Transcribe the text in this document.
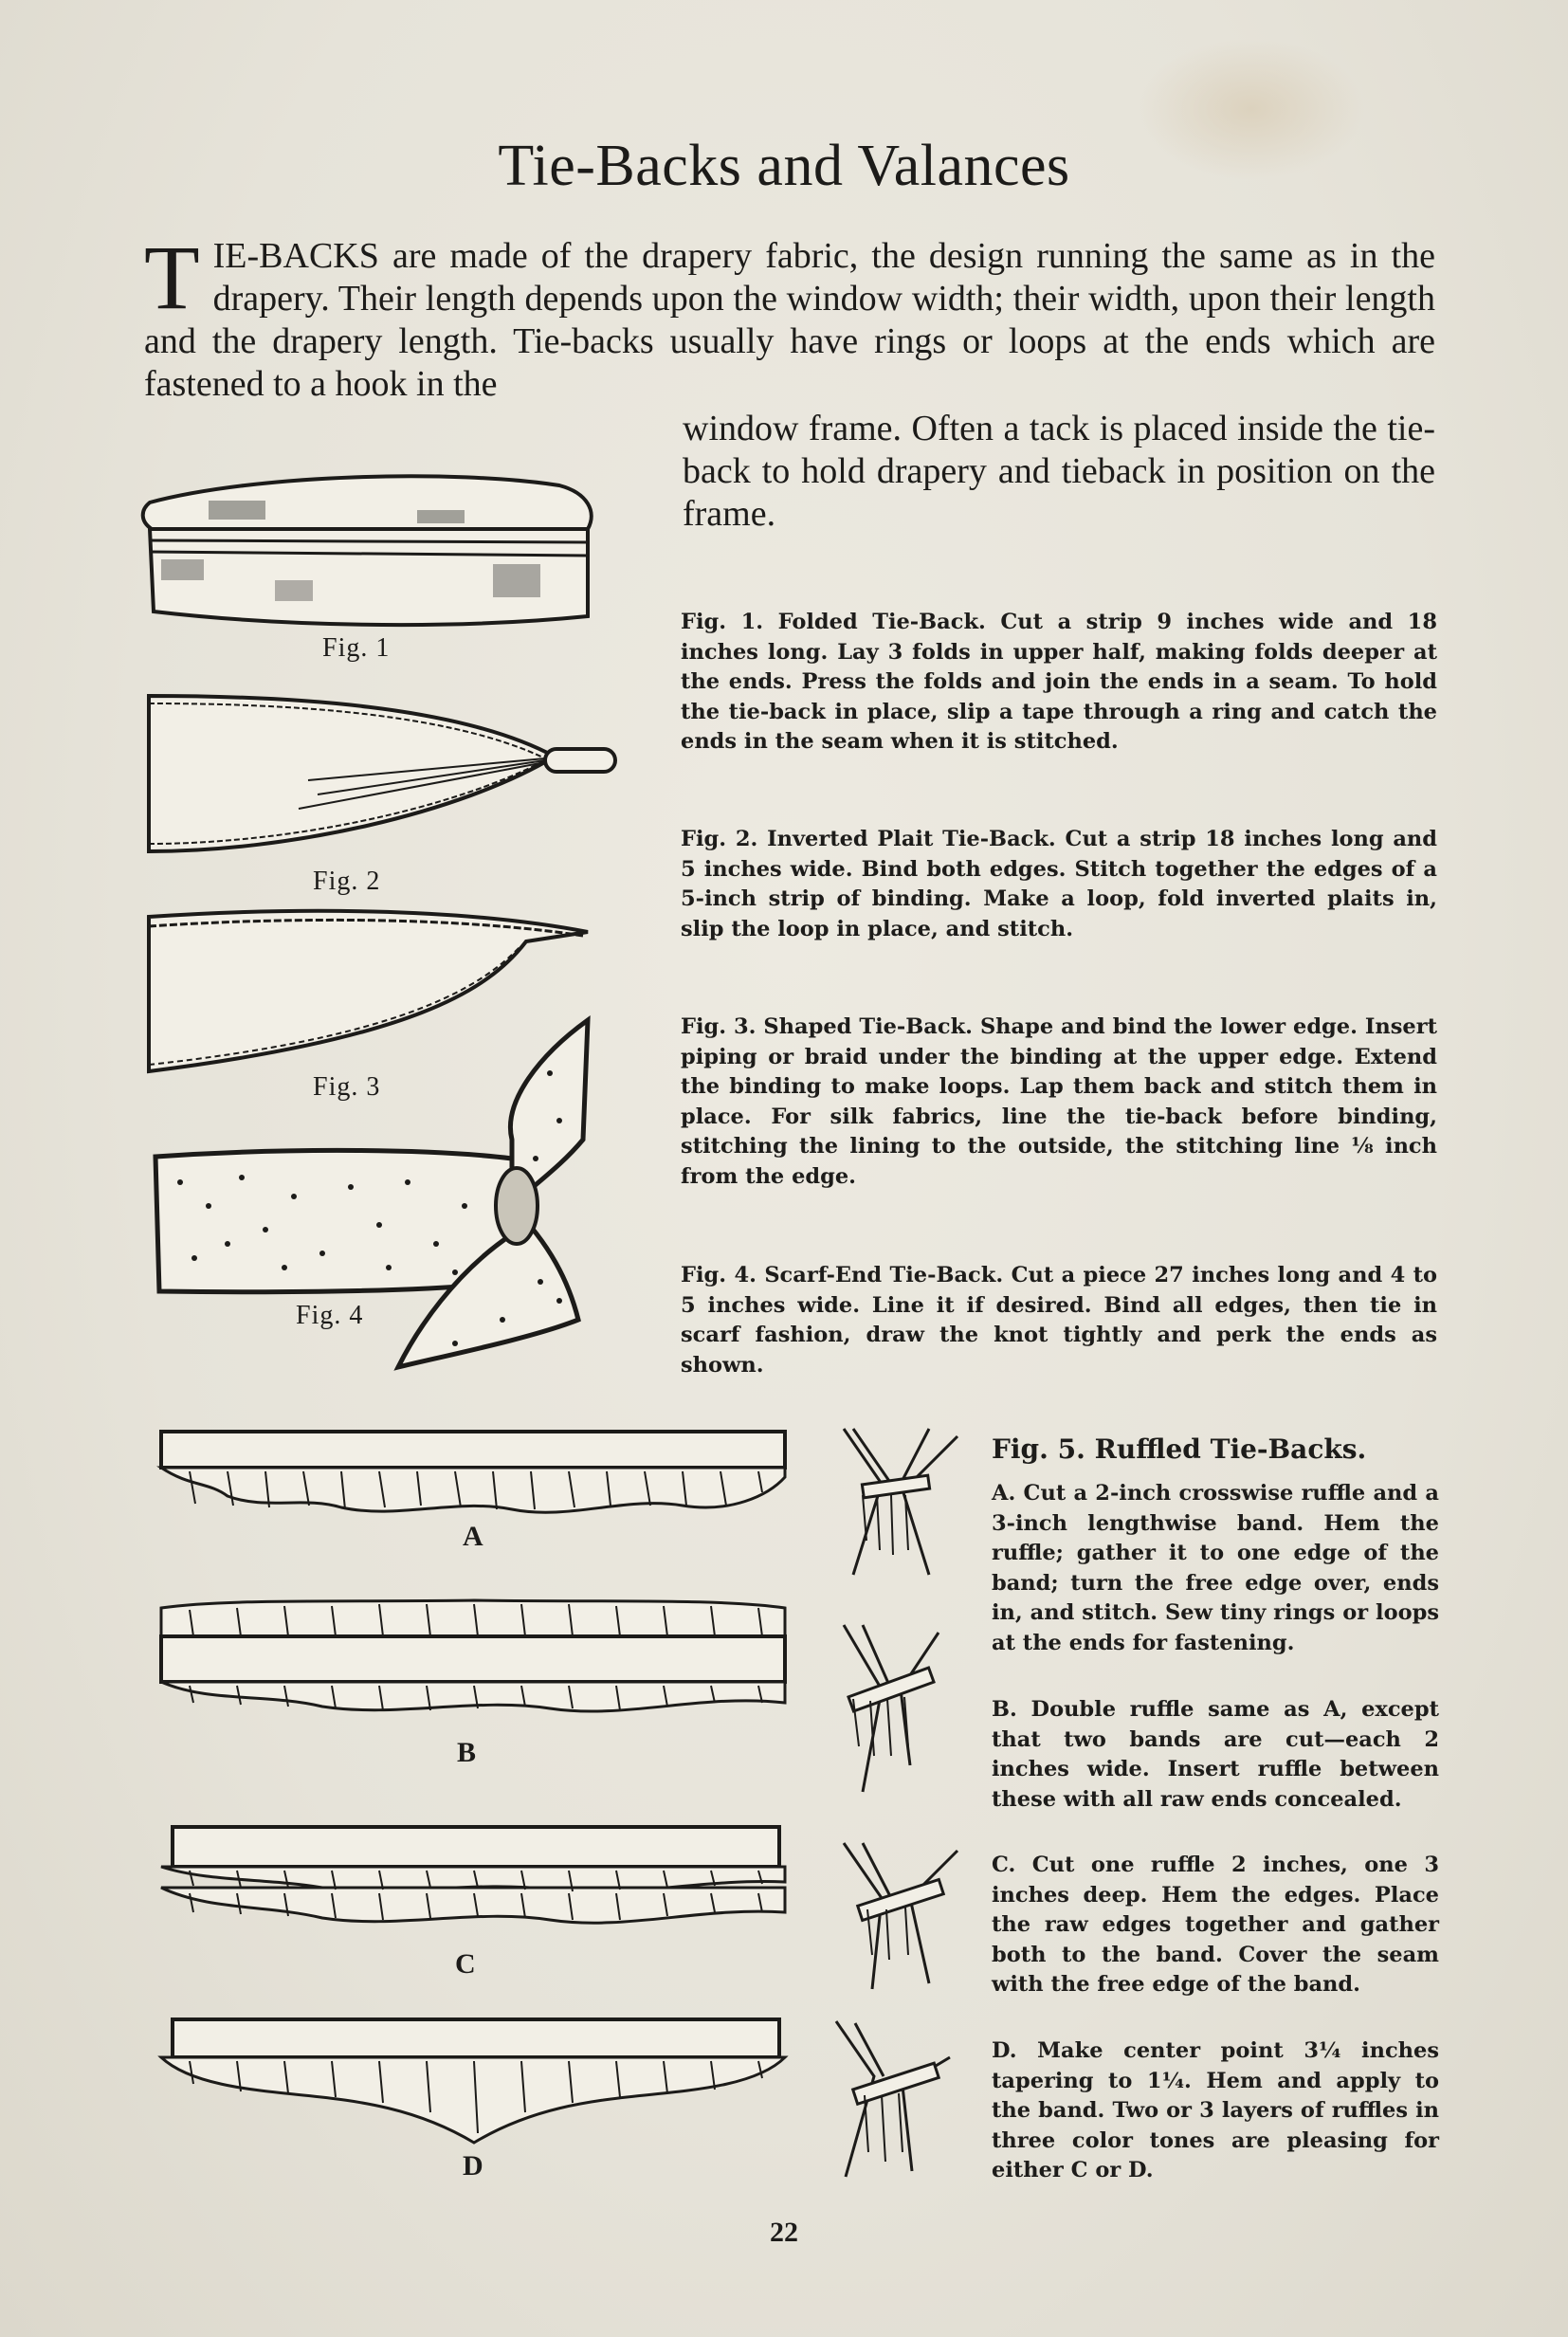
Tie-Backs and Valances
T IE-BACKS are made of the drapery fabric, the design running the same as in the drapery. Their length depends upon the window width; their width, upon their length and the drapery length. Tie-backs usually have rings or loops at the ends which are fastened to a hook in the
window frame. Often a tack is placed inside the tie-back to hold drapery and tieback in position on the frame.
Fig. 1
Fig. 2
Fig. 3
Fig. 4
Fig. 1. Folded Tie-Back. Cut a strip 9 inches wide and 18 inches long. Lay 3 folds in upper half, making folds deeper at the ends. Press the folds and join the ends in a seam. To hold the tie-back in place, slip a tape through a ring and catch the ends in the seam when it is stitched.
Fig. 2. Inverted Plait Tie-Back. Cut a strip 18 inches long and 5 inches wide. Bind both edges. Stitch together the edges of a 5-inch strip of binding. Make a loop, fold inverted plaits in, slip the loop in place, and stitch.
Fig. 3. Shaped Tie-Back. Shape and bind the lower edge. Insert piping or braid under the binding at the upper edge. Extend the binding to make loops. Lap them back and stitch them in place. For silk fabrics, line the tie-back before binding, stitching the lining to the outside, the stitching line ⅛ inch from the edge.
Fig. 4. Scarf-End Tie-Back. Cut a piece 27 inches long and 4 to 5 inches wide. Line it if desired. Bind all edges, then tie in scarf fashion, draw the knot tightly and perk the ends as shown.
A
B
C
D
Fig. 5. Ruffled Tie-Backs.
A. Cut a 2-inch crosswise ruffle and a 3-inch lengthwise band. Hem the ruffle; gather it to one edge of the band; turn the free edge over, ends in, and stitch. Sew tiny rings or loops at the ends for fastening.
B. Double ruffle same as A, except that two bands are cut—each 2 inches wide. Insert ruffle between these with all raw ends concealed.
C. Cut one ruffle 2 inches, one 3 inches deep. Hem the edges. Place the raw edges together and gather both to the band. Cover the seam with the free edge of the band.
D. Make center point 3¼ inches tapering to 1¼. Hem and apply to the band. Two or 3 layers of ruffles in three color tones are pleasing for either C or D.
22
